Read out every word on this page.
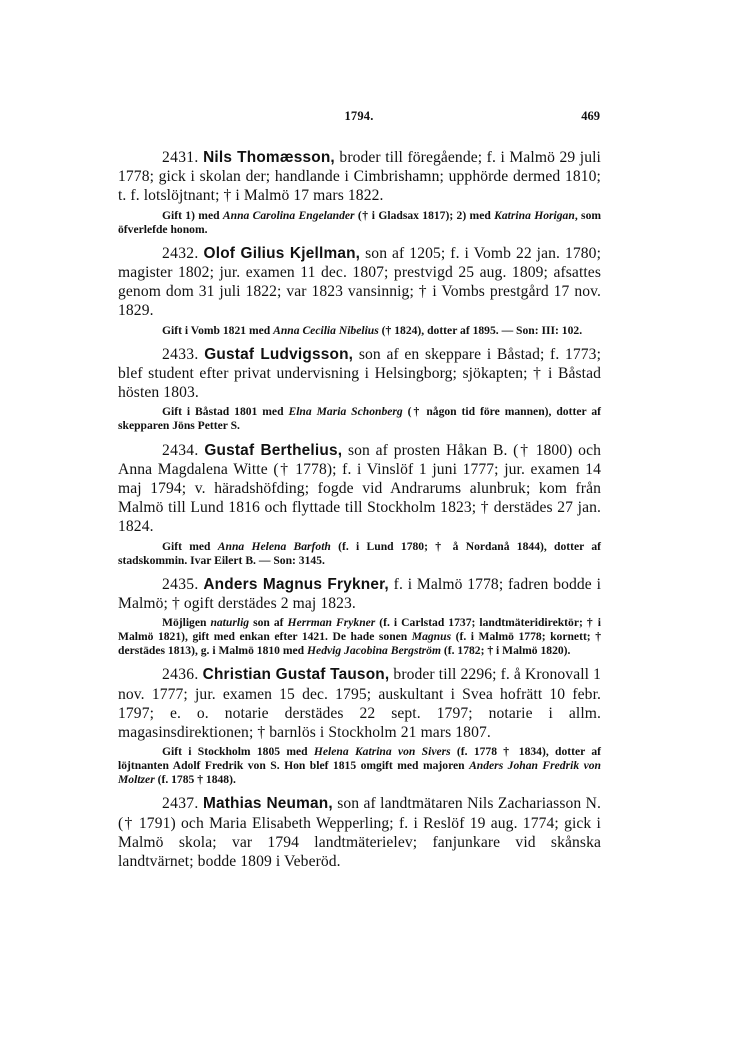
1794.	469

2431. Nils Thomæsson, broder till föregående; f. i Malmö 29 juli 1778; gick i skolan der; handlande i Cimbrishamn; upphörde dermed 1810; t. f. lotslöjtnant; † i Malmö 17 mars 1822.

Gift 1) med Anna Carolina Engelander († i Gladsax 1817); 2) med Katrina Horigan, som öfverlefde honom.

2432. Olof Gilius Kjellman, son af 1205; f. i Vomb 22 jan. 1780; magister 1802; jur. examen 11 dec. 1807; prestvigd 25 aug. 1809; afsattes genom dom 31 juli 1822; var 1823 vansinnig; † i Vombs prestgård 17 nov. 1829.

Gift i Vomb 1821 med Anna Cecilia Nibelius († 1824), dotter af 1895. — Son: III: 102.

2433. Gustaf Ludvigsson, son af en skeppare i Båstad; f. 1773; blef student efter privat undervisning i Helsingborg; sjökapten; † i Båstad hösten 1803.

Gift i Båstad 1801 med Elna Maria Schonberg († någon tid före mannen), dotter af skepparen Jöns Petter S.

2434. Gustaf Berthelius, son af prosten Håkan B. († 1800) och Anna Magdalena Witte († 1778); f. i Vinslöf 1 juni 1777; jur. examen 14 maj 1794; v. häradshöfding; fogde vid Andrarums alunbruk; kom från Malmö till Lund 1816 och flyttade till Stockholm 1823; † derstädes 27 jan. 1824.

Gift med Anna Helena Barfoth (f. i Lund 1780; † å Nordanå 1844), dotter af stadskommin. Ivar Eilert B. — Son: 3145.

2435. Anders Magnus Frykner, f. i Malmö 1778; fadren bodde i Malmö; † ogift derstädes 2 maj 1823.

Möjligen naturlig son af Herrman Frykner (f. i Carlstad 1737; landtmäteridirektör; † i Malmö 1821), gift med enkan efter 1421. De hade sonen Magnus (f. i Malmö 1778; kornett; † derstädes 1813), g. i Malmö 1810 med Hedvig Jacobina Bergström (f. 1782; † i Malmö 1820).

2436. Christian Gustaf Tauson, broder till 2296; f. å Kronovall 1 nov. 1777; jur. examen 15 dec. 1795; auskultant i Svea hofrätt 10 febr. 1797; e. o. notarie derstädes 22 sept. 1797; notarie i allm. magasinsdirektionen; † barnlös i Stockholm 21 mars 1807.

Gift i Stockholm 1805 med Helena Katrina von Sivers (f. 1778 † 1834), dotter af löjtnanten Adolf Fredrik von S. Hon blef 1815 omgift med majoren Anders Johan Fredrik von Moltzer (f. 1785 † 1848).

2437. Mathias Neuman, son af landtmätaren Nils Zachariasson N. († 1791) och Maria Elisabeth Wepperling; f. i Reslöf 19 aug. 1774; gick i Malmö skola; var 1794 landtmäterielev; fanjunkare vid skånska landtvärnet; bodde 1809 i Veberöd.
